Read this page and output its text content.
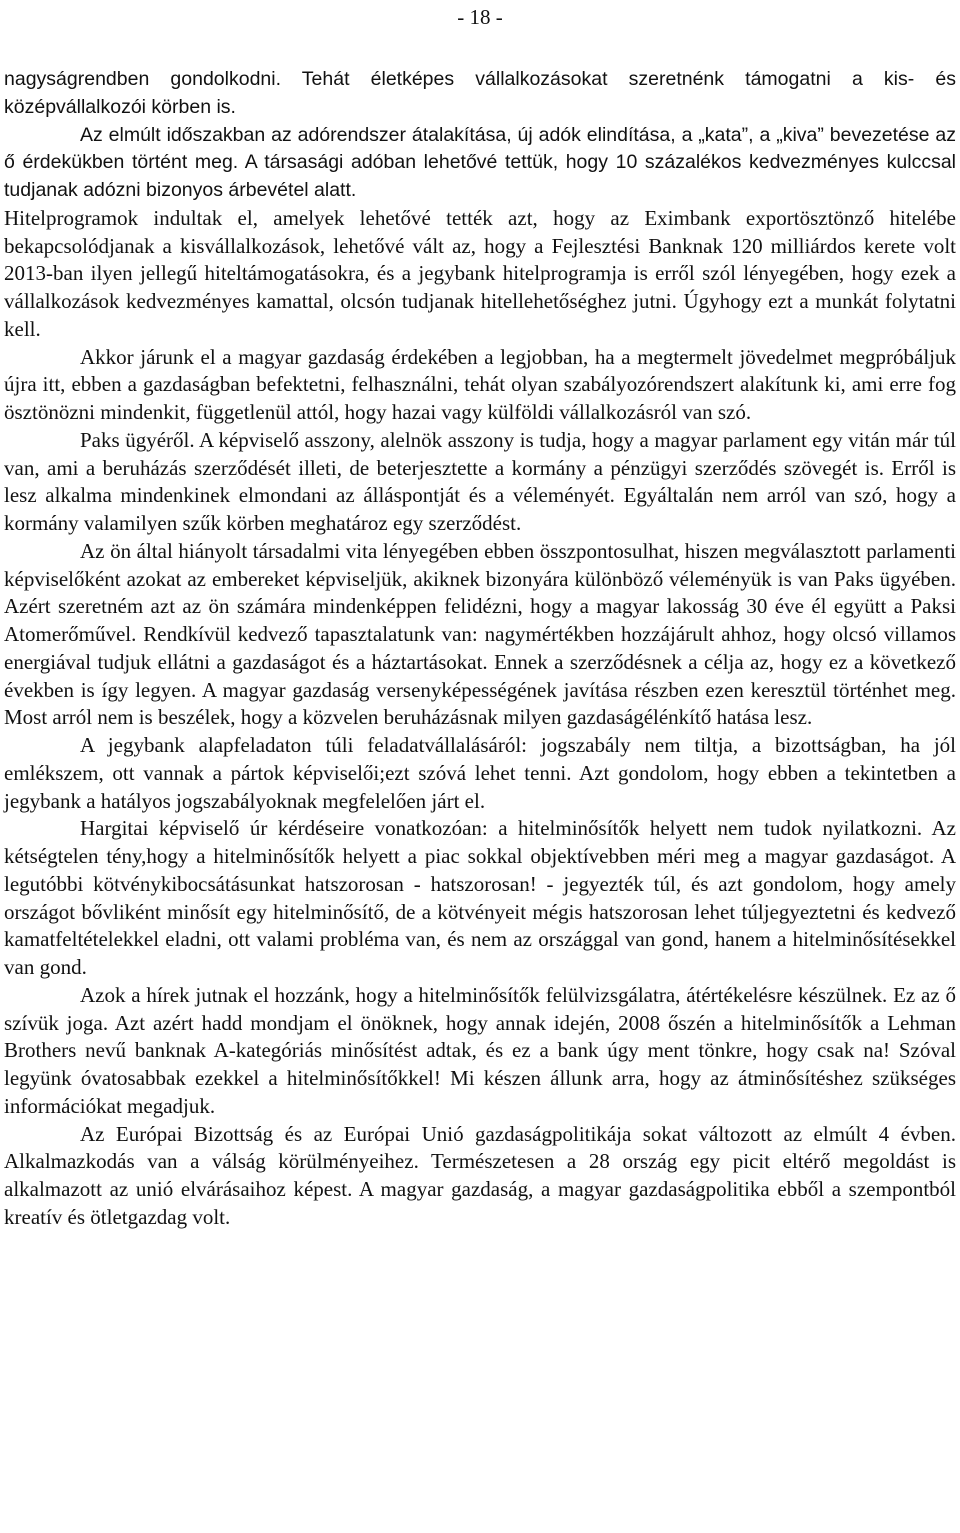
- 18 -

nagyságrendben gondolkodni. Tehát életképes vállalkozásokat szeretnénk támogatni a kis- és középvállalkozói körben is.

Az elmúlt időszakban az adórendszer átalakítása, új adók elindítása, a „kata”, a „kiva” bevezetése az ő érdekükben történt meg. A társasági adóban lehetővé tettük, hogy 10 százalékos kedvezményes kulccsal tudjanak adózni bizonyos árbevétel alatt.

Hitelprogramok indultak el, amelyek lehetővé tették azt, hogy az Eximbank exportösztönző hitelébe bekapcsolódjanak a kisvállalkozások, lehetővé vált az, hogy a Fejlesztési Banknak 120 milliárdos kerete volt 2013-ban ilyen jellegű hiteltámogatásokra, és a jegybank hitelprogramja is erről szól lényegében, hogy ezek a vállalkozások kedvezményes kamattal, olcsón tudjanak hitellehetőséghez jutni. Úgyhogy ezt a munkát folytatni kell.

Akkor járunk el a magyar gazdaság érdekében a legjobban, ha a megtermelt jövedelmet megpróbáljuk újra itt, ebben a gazdaságban befektetni, felhasználni, tehát olyan szabályozórendszert alakítunk ki, ami erre fog ösztönözni mindenkit, függetlenül attól, hogy hazai vagy külföldi vállalkozásról van szó.

Paks ügyéről. A képviselő asszony, alelnök asszony is tudja, hogy a magyar parlament egy vitán már túl van, ami a beruházás szerződését illeti, de beterjesztette a kormány a pénzügyi szerződés szövegét is. Erről is lesz alkalma mindenkinek elmondani az álláspontját és a véleményét. Egyáltalán nem arról van szó, hogy a kormány valamilyen szűk körben meghatároz egy szerződést.

Az ön által hiányolt társadalmi vita lényegében ebben összpontosulhat, hiszen megválasztott parlamenti képviselőként azokat az embereket képviseljük, akiknek bizonyára különböző véleményük is van Paks ügyében. Azért szeretném azt az ön számára mindenképpen felidézni, hogy a magyar lakosság 30 éve él együtt a Paksi Atomerőművel. Rendkívül kedvező tapasztalatunk van: nagymértékben hozzájárult ahhoz, hogy olcsó villamos energiával tudjuk ellátni a gazdaságot és a háztartásokat. Ennek a szerződésnek a célja az, hogy ez a következő években is így legyen. A magyar gazdaság versenyképességének javítása részben ezen keresztül történhet meg. Most arról nem is beszélek, hogy a közvelen beruházásnak milyen gazdaságélénkítő hatása lesz.

A jegybank alapfeladaton túli feladatvállalásáról: jogszabály nem tiltja, a bizottságban, ha jól emlékszem, ott vannak a pártok képviselői;ezt szóvá lehet tenni. Azt gondolom, hogy ebben a tekintetben a jegybank a hatályos jogszabályoknak megfelelően járt el.

Hargitai képviselő úr kérdéseire vonatkozóan: a hitelminősítők helyett nem tudok nyilatkozni. Az kétségtelen tény,hogy a hitelminősítők helyett a piac sokkal objektívebben méri meg a magyar gazdaságot. A legutóbbi kötvénykibocsátásunkat hatszorosan - hatszorosan! - jegyezték túl, és azt gondolom, hogy amely országot bővliként minősít egy hitelminősítő, de a kötvényeit mégis hatszorosan lehet túljegyeztetni és kedvező kamatfeltételekkel eladni, ott valami probléma van, és nem az országgal van gond, hanem a hitelminősítésekkel van gond.

Azok a hírek jutnak el hozzánk, hogy a hitelminősítők felülvizsgálatra, átértékelésre készülnek. Ez az ő szívük joga. Azt azért hadd mondjam el önöknek, hogy annak idején, 2008 őszén a hitelminősítők a Lehman Brothers nevű banknak A-kategóriás minősítést adtak, és ez a bank úgy ment tönkre, hogy csak na! Szóval legyünk óvatosabbak ezekkel a hitelminősítőkkel! Mi készen állunk arra, hogy az átminősítéshez szükséges információkat megadjuk.

Az Európai Bizottság és az Európai Unió gazdaságpolitikája sokat változott az elmúlt 4 évben. Alkalmazkodás van a válság körülményeihez. Természetesen a 28 ország egy picit eltérő megoldást is alkalmazott az unió elvárásaihoz képest. A magyar gazdaság, a magyar gazdaságpolitika ebből a szempontból kreatív és ötletgazdag volt.
